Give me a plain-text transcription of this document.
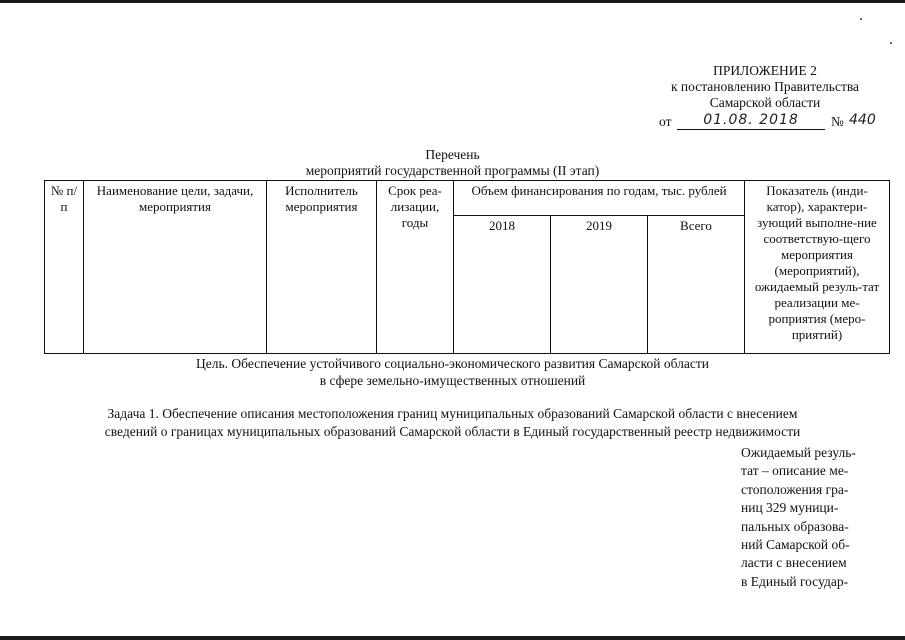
ПРИЛОЖЕНИЕ 2
к постановлению Правительства
Самарской области
от	01.08. 2018	№ 440
Перечень
мероприятий государственной программы (II этап)
№ п/п	Наименование цели, задачи, мероприятия	Исполнитель мероприятия	Срок реа-лизации, годы	Объем финансирования по годам, тыс. рублей			Показатель (инди-катор), характери-зующий выполне-ние соответствую-щего мероприятия (мероприятий), ожидаемый резуль-тат реализации ме-роприятия (меро-приятий)
				2018	2019	Всего	
Цель. Обеспечение устойчивого социально-экономического развития Самарской области
в сфере земельно-имущественных отношений
Задача 1. Обеспечение описания местоположения границ муниципальных образований Самарской области с внесением
сведений о границах муниципальных образований Самарской области в Единый государственный реестр недвижимости
Ожидаемый резуль-
тат – описание ме-
стоположения гра-
ниц 329 муници-
пальных образова-
ний Самарской об-
ласти с внесением
в Единый государ-
